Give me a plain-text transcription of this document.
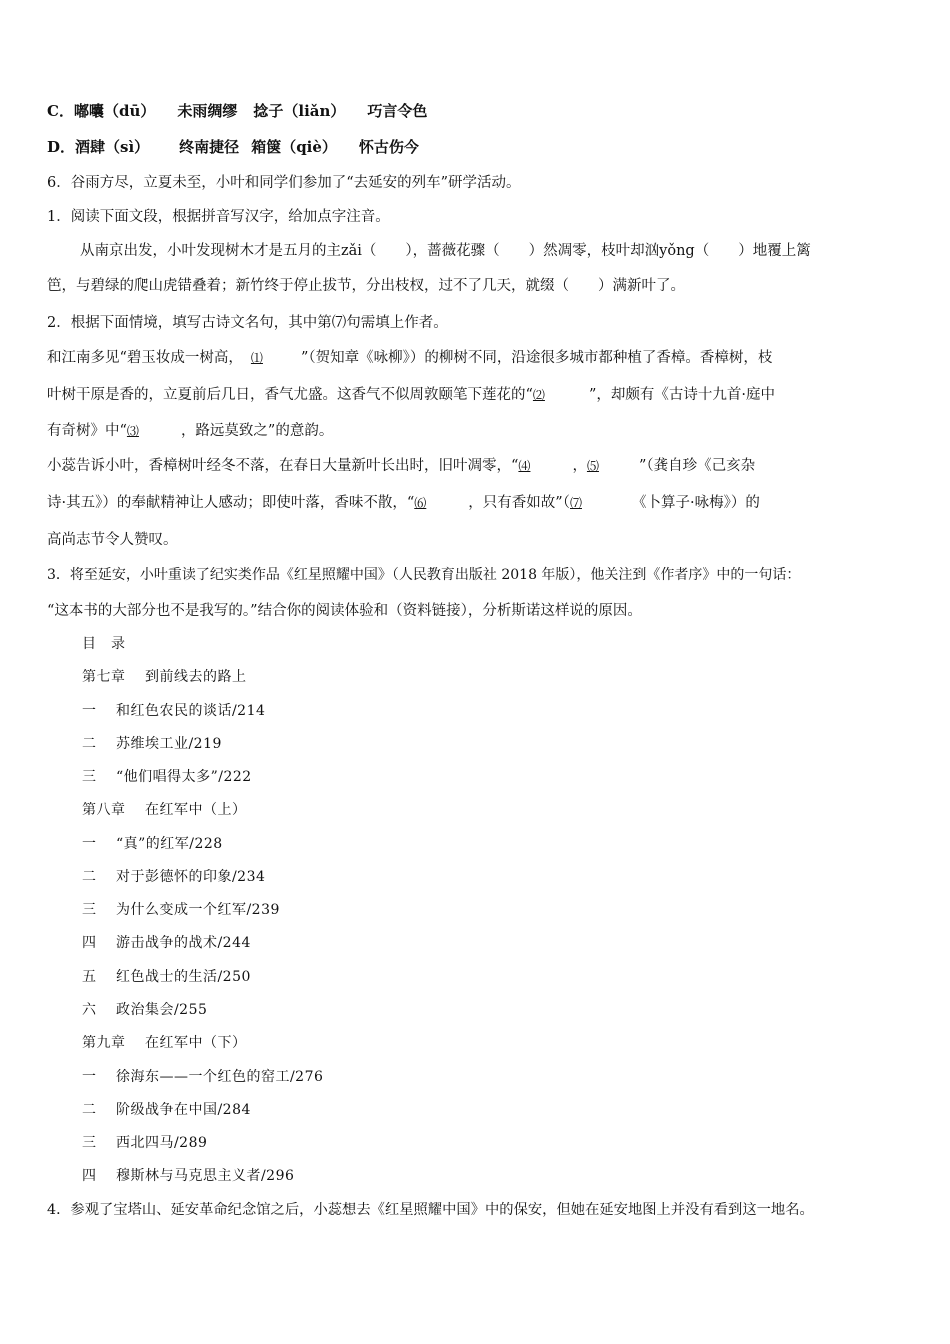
C．嘟囔（dū） 未雨绸缪 捻子（liǎn） 巧言令色
D．酒肆（sì） 终南捷径 箱箧（qiè） 怀古伤今
6．谷雨方尽，立夏未至，小叶和同学们参加了“去延安的列车”研学活动。
1．阅读下面文段，根据拼音写汉字，给加点字注音。
从南京出发，小叶发现树木才是五月的主zǎi（　　），蔷薇花骤（　　）然凋零，枝叶却汹yǒng（　　）地覆上篱
笆，与碧绿的爬山虎错叠着；新竹终于停止拔节，分出枝杈，过不了几天，就缀（　　）满新叶了。
2．根据下面情境，填写古诗文名句，其中第⑺句需填上作者。
和江南多见“碧玉妆成一树高， ⑴	”（贺知章《咏柳》）的柳树不同，沿途很多城市都种植了香樟。香樟树，枝
叶树干原是香的，立夏前后几日，香气尤盛。这香气不似周敦颐笔下莲花的“⑵	”，却颇有《古诗十九首·庭中
有奇树》中“⑶	，路远莫致之”的意韵。
小蕊告诉小叶，香樟树叶经冬不落，在春日大量新叶长出时，旧叶凋零，“⑷	，⑸	”（龚自珍《己亥杂
诗·其五》）的奉献精神让人感动；即使叶落，香味不散，“⑹	，只有香如故”（⑺	《卜算子·咏梅》）的
高尚志节令人赞叹。
3．将至延安，小叶重读了纪实类作品《红星照耀中国》（人民教育出版社 2018 年版），他关注到《作者序》中的一句话：
“这本书的大部分也不是我写的。”结合你的阅读体验和（资料链接），分析斯诺这样说的原因。
目　录
第七章　 到前线去的路上
一　 和红色农民的谈话/214
二　 苏维埃工业/219
三　 “他们唱得太多”/222
第八章　 在红军中（上）
一　 “真”的红军/228
二　 对于彭德怀的印象/234
三　 为什么变成一个红军/239
四　 游击战争的战术/244
五　 红色战士的生活/250
六　 政治集会/255
第九章　 在红军中（下）
一　 徐海东——一个红色的窑工/276
二　 阶级战争在中国/284
三　 西北四马/289
四　 穆斯林与马克思主义者/296
4．参观了宝塔山、延安革命纪念馆之后，小蕊想去《红星照耀中国》中的保安，但她在延安地图上并没有看到这一地名。
